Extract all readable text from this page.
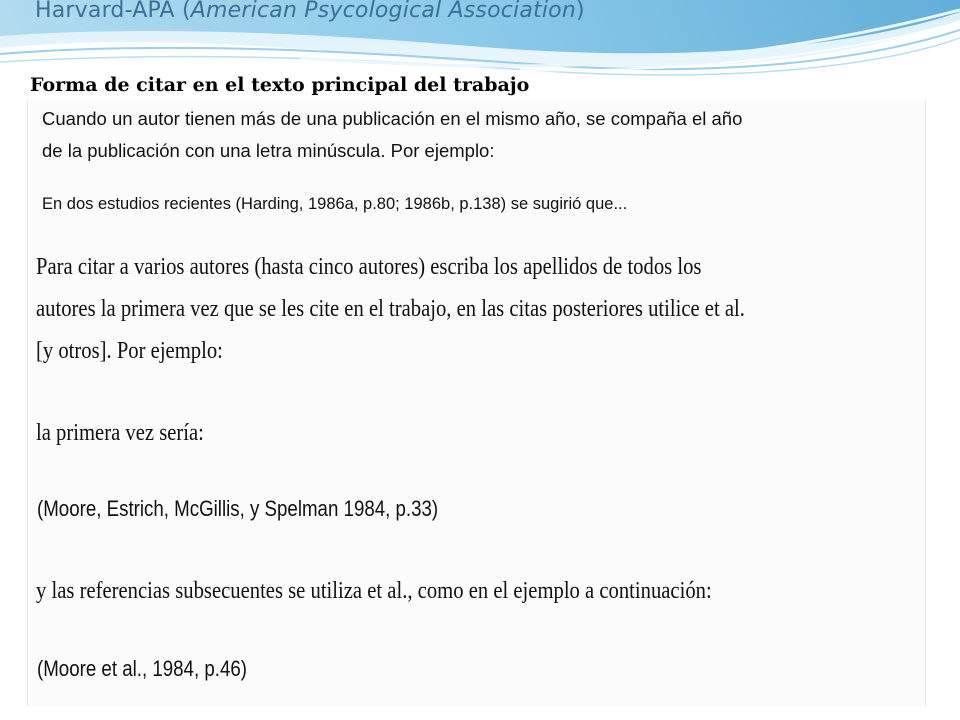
Harvard-APA (American Psycological Association)
Forma de citar en el texto principal del trabajo

Cuando un autor tienen más de una publicación en el mismo año, se compaña el año

de la publicación con una letra minúscula. Por ejemplo:

En dos estudios recientes (Harding, 1986a, p.80; 1986b, p.138) se sugirió que...

Para citar a varios autores (hasta cinco autores) escriba los apellidos de todos los

autores la primera vez que se les cite en el trabajo, en las citas posteriores utilice et al.

[y otros]. Por ejemplo:

la primera vez sería:

(Moore, Estrich, McGillis, y Spelman 1984, p.33)

y las referencias subsecuentes se utiliza et al., como en el ejemplo a continuación:

(Moore et al., 1984, p.46)
